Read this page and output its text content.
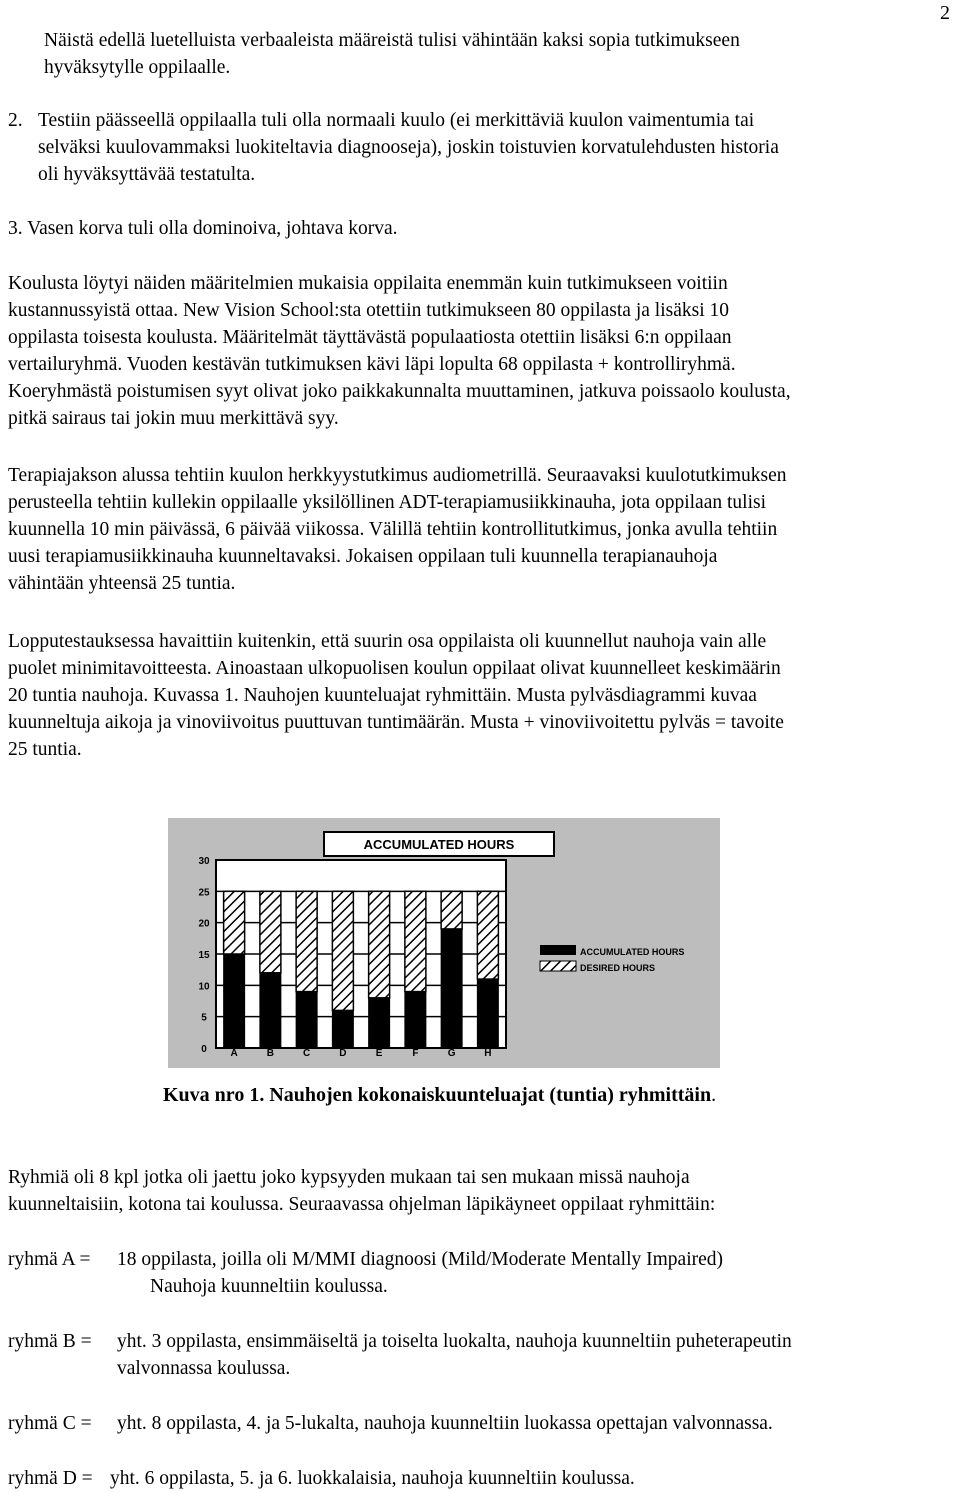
2
Näistä edellä luetelluista verbaaleista määreistä tulisi vähintään kaksi sopia tutkimukseen
hyväksytylle oppilaalle.
2. Testiin päässeellä oppilaalla tuli olla normaali kuulo (ei merkittäviä kuulon vaimentumia tai
selväksi kuulovammaksi luokiteltavia diagnooseja), joskin toistuvien korvatulehdusten historia
oli hyväksyttävää testatulta.
3. Vasen korva tuli olla dominoiva, johtava korva.
Koulusta löytyi näiden määritelmien mukaisia oppilaita enemmän kuin tutkimukseen voitiin
kustannussyistä ottaa. New Vision School:sta otettiin tutkimukseen 80 oppilasta ja lisäksi 10
oppilasta toisesta koulusta. Määritelmät täyttävästä populaatiosta otettiin lisäksi 6:n oppilaan
vertailuryhmä. Vuoden kestävän tutkimuksen kävi läpi lopulta 68 oppilasta + kontrolliryhmä.
Koeryhmästä poistumisen syyt olivat joko paikkakunnalta muuttaminen, jatkuva poissaolo koulusta,
pitkä sairaus tai jokin muu merkittävä syy.
Terapiajakson alussa tehtiin kuulon herkkyystutkimus audiometrillä. Seuraavaksi kuulotutkimuksen
perusteella tehtiin kullekin oppilaalle yksilöllinen ADT-terapiamusiikkinauha, jota oppilaan tulisi
kuunnella 10 min päivässä, 6 päivää viikossa. Välillä tehtiin kontrollitutkimus, jonka avulla tehtiin
uusi terapiamusiikkinauha kuunneltavaksi. Jokaisen oppilaan tuli kuunnella terapianauhoja
vähintään yhteensä 25 tuntia.
Lopputestauksessa havaittiin kuitenkin, että suurin osa oppilaista oli kuunnellut nauhoja vain alle
puolet minimitavoitteesta. Ainoastaan ulkopuolisen koulun oppilaat olivat kuunnelleet keskimäärin
20 tuntia nauhoja. Kuvassa 1. Nauhojen kuunteluajat ryhmittäin. Musta pylväsdiagrammi kuvaa
kuunneltuja aikoja ja vinoviivoitus puuttuvan tuntimäärän. Musta + vinoviivoitettu pylväs = tavoite
25 tuntia.
ACCUMULATED HOURS
0
5
10
15
20
25
30
A	B	C	D	E	F	G	H
ACCUMULATED HOURS
DESIRED HOURS
Kuva nro 1. Nauhojen kokonaiskuunteluajat (tuntia) ryhmittäin.
Ryhmiä oli 8 kpl jotka oli jaettu joko kypsyyden mukaan tai sen mukaan missä nauhoja
kuunneltaisiin, kotona tai koulussa. Seuraavassa ohjelman läpikäyneet oppilaat ryhmittäin:
ryhmä A = 18 oppilasta, joilla oli M/MMI diagnoosi (Mild/Moderate Mentally Impaired)
Nauhoja kuunneltiin koulussa.
ryhmä B = yht. 3 oppilasta, ensimmäiseltä ja toiselta luokalta, nauhoja kuunneltiin puheterapeutin
valvonnassa koulussa.
ryhmä C = yht. 8 oppilasta, 4. ja 5-lukalta, nauhoja kuunneltiin luokassa opettajan valvonnassa.
ryhmä D = yht. 6 oppilasta, 5. ja 6. luokkalaisia, nauhoja kuunneltiin koulussa.
